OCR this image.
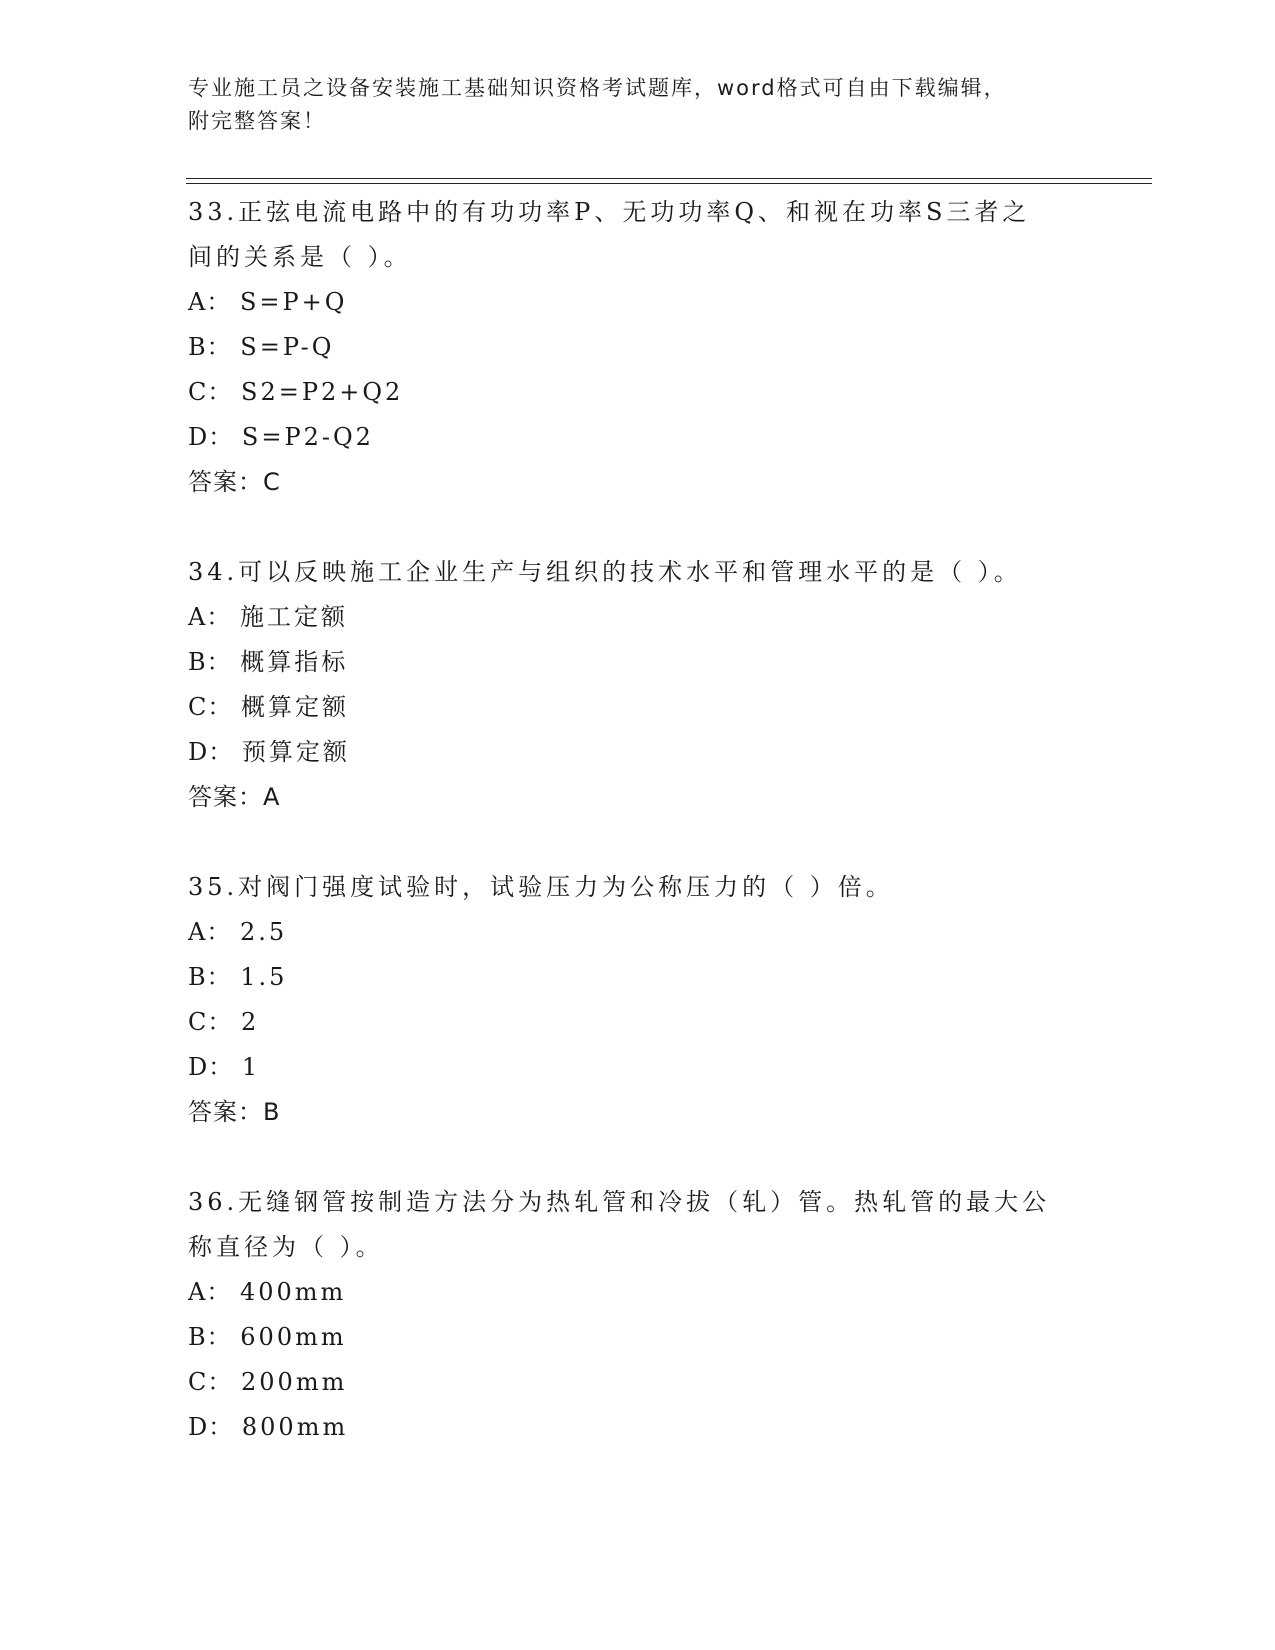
专业施工员之设备安装施工基础知识资格考试题库，word格式可自由下载编辑，
附完整答案！
33.正弦电流电路中的有功功率P、无功功率Q、和视在功率S三者之
间的关系是（ ）。
A： S=P+Q
B： S=P-Q
C： S2=P2+Q2
D： S=P2-Q2
答案：C
34.可以反映施工企业生产与组织的技术水平和管理水平的是（ ）。
A： 施工定额
B： 概算指标
C： 概算定额
D： 预算定额
答案：A
35.对阀门强度试验时，试验压力为公称压力的（ ）倍。
A： 2.5
B： 1.5
C： 2
D： 1
答案：B
36.无缝钢管按制造方法分为热轧管和冷拔（轧）管。热轧管的最大公
称直径为（ ）。
A： 400mm
B： 600mm
C： 200mm
D： 800mm
